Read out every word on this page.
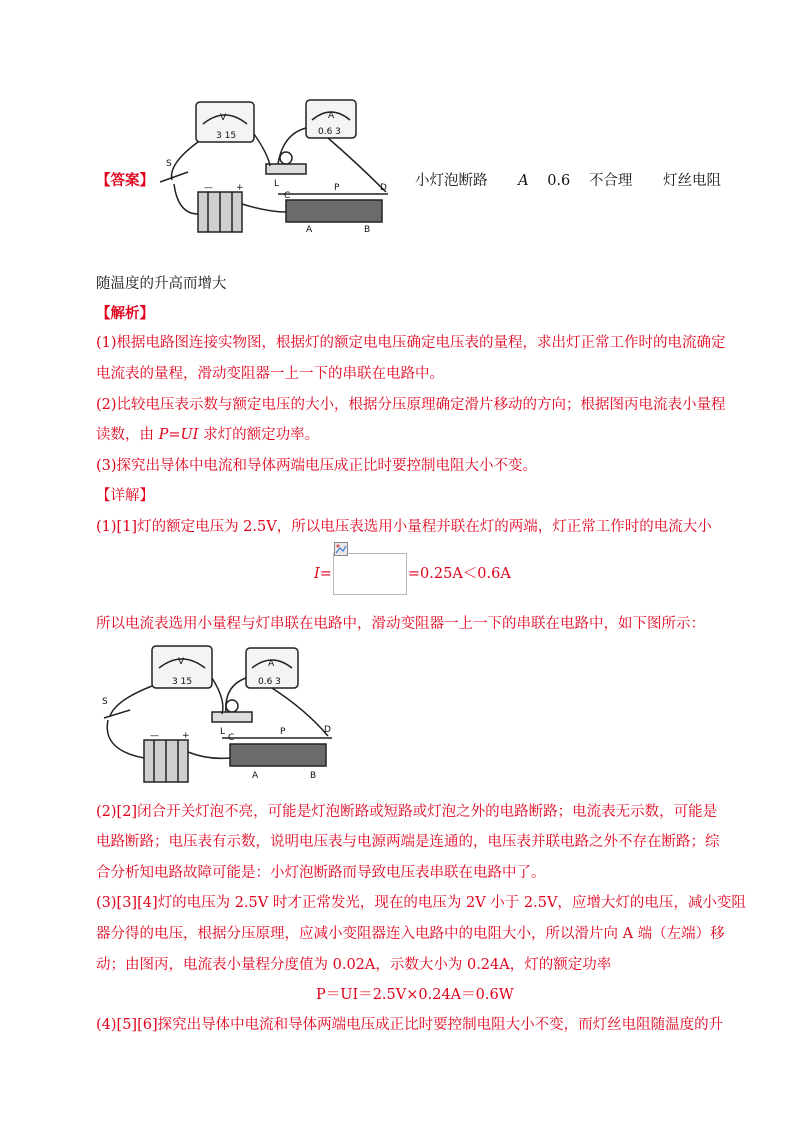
V
3 15
A
0.6 3
S
L
C
P	D
A	B
—	+
【答案】	小灯泡断路 A 0.6 不合理 灯丝电阻
随温度的升高而增大
【解析】
(1)根据电路图连接实物图，根据灯的额定电电压确定电压表的量程，求出灯正常工作时的电流确定
电流表的量程，滑动变阻器一上一下的串联在电路中。
(2)比较电压表示数与额定电压的大小，根据分压原理确定滑片移动的方向；根据图丙电流表小量程
读数，由 P=UI 求灯的额定功率。
(3)探究出导体中电流和导体两端电压成正比时要控制电阻大小不变。
【详解】
(1)[1]灯的额定电压为 2.5V，所以电压表选用小量程并联在灯的两端，灯正常工作时的电流大小
I=	=0.25A＜0.6A
所以电流表选用小量程与灯串联在电路中，滑动变阻器一上一下的串联在电路中，如下图所示：
V
3 15
A
0.6 3
S
L
C
P	D
A	B
—	+
(2)[2]闭合开关灯泡不亮，可能是灯泡断路或短路或灯泡之外的电路断路；电流表无示数，可能是
电路断路；电压表有示数，说明电压表与电源两端是连通的，电压表并联电路之外不存在断路；综
合分析知电路故障可能是：小灯泡断路而导致电压表串联在电路中了。
(3)[3][4]灯的电压为 2.5V 时才正常发光，现在的电压为 2V 小于 2.5V，应增大灯的电压，减小变阻
器分得的电压，根据分压原理，应减小变阻器连入电路中的电阻大小，所以滑片向 A 端（左端）移
动；由图丙，电流表小量程分度值为 0.02A，示数大小为 0.24A，灯的额定功率
P＝UI＝2.5V×0.24A＝0.6W
(4)[5][6]探究出导体中电流和导体两端电压成正比时要控制电阻大小不变，而灯丝电阻随温度的升
